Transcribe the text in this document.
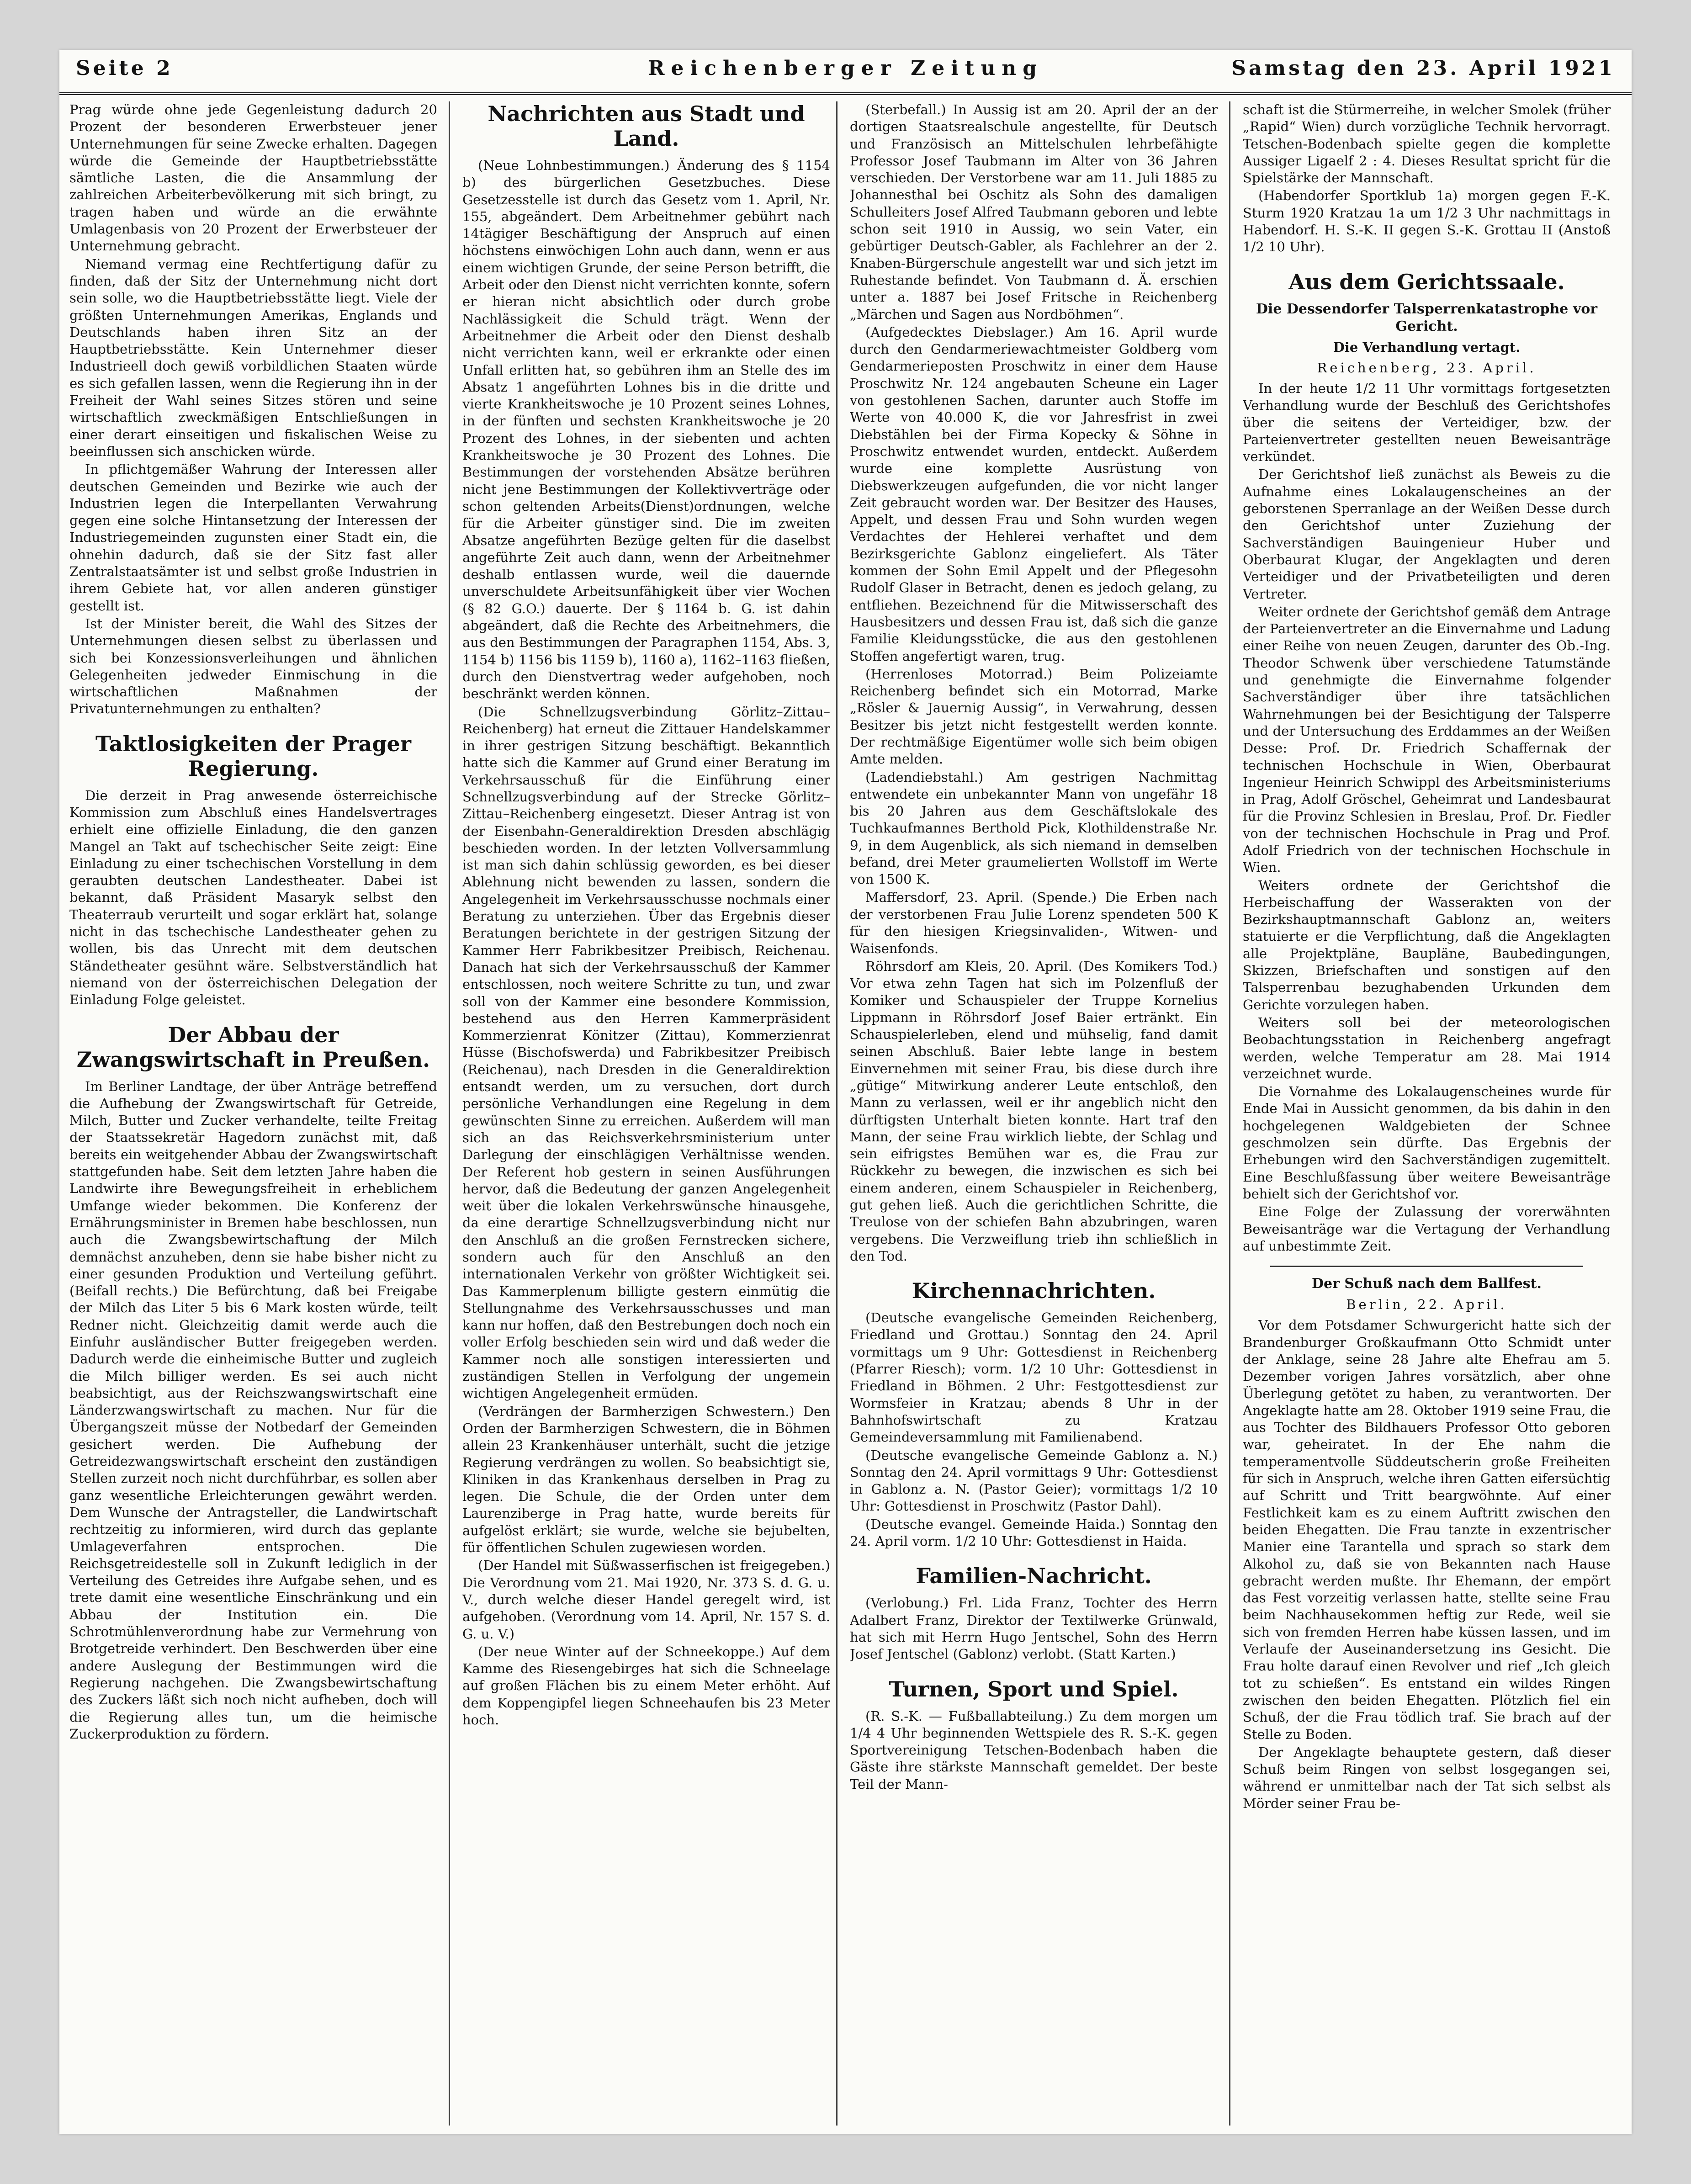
Seite 2	Reichenberger Zeitung	Samstag den 23. April 1921

Prag würde ohne jede Gegenleistung dadurch 20 Prozent der besonderen Erwerbsteuer jener Unternehmungen für seine Zwecke erhalten. Dagegen würde die Gemeinde der Hauptbetriebsstätte sämtliche Lasten, die die Ansammlung der zahlreichen Arbeiterbevölkerung mit sich bringt, zu tragen haben und würde an die erwähnte Umlagenbasis von 20 Prozent der Erwerbsteuer der Unternehmung gebracht.

Niemand vermag eine Rechtfertigung dafür zu finden, daß der Sitz der Unternehmung nicht dort sein solle, wo die Hauptbetriebsstätte liegt. Viele der größten Unternehmungen Amerikas, Englands und Deutschlands haben ihren Sitz an der Hauptbetriebsstätte. Kein Unternehmer dieser Industrieell doch gewiß vorbildlichen Staaten würde es sich gefallen lassen, wenn die Regierung ihn in der Freiheit der Wahl seines Sitzes stören und seine wirtschaftlich zweckmäßigen Entschließungen in einer derart einseitigen und fiskalischen Weise zu beeinflussen sich anschicken würde.

In pflichtgemäßer Wahrung der Interessen aller deutschen Gemeinden und Bezirke wie auch der Industrien legen die Interpellanten Verwahrung gegen eine solche Hintansetzung der Interessen der Industriegemeinden zugunsten einer Stadt ein, die ohnehin dadurch, daß sie der Sitz fast aller Zentralstaatsämter ist und selbst große Industrien in ihrem Gebiete hat, vor allen anderen günstiger gestellt ist.

Ist der Minister bereit, die Wahl des Sitzes der Unternehmungen diesen selbst zu überlassen und sich bei Konzessionsverleihungen und ähnlichen Gelegenheiten jedweder Einmischung in die wirtschaftlichen Maßnahmen der Privatunternehmungen zu enthalten?

Taktlosigkeiten der Prager Regierung.

Die derzeit in Prag anwesende österreichische Kommission zum Abschluß eines Handelsvertrages erhielt eine offizielle Einladung, die den ganzen Mangel an Takt auf tschechischer Seite zeigt: Eine Einladung zu einer tschechischen Vorstellung in dem geraubten deutschen Landestheater. Dabei ist bekannt, daß Präsident Masaryk selbst den Theaterraub verurteilt und sogar erklärt hat, solange nicht in das tschechische Landestheater gehen zu wollen, bis das Unrecht mit dem deutschen Ständetheater gesühnt wäre. Selbstverständlich hat niemand von der österreichischen Delegation der Einladung Folge geleistet.

Der Abbau der Zwangswirtschaft in Preußen.

Im Berliner Landtage, der über Anträge betreffend die Aufhebung der Zwangswirtschaft für Getreide, Milch, Butter und Zucker verhandelte, teilte Freitag der Staatssekretär Hagedorn zunächst mit, daß bereits ein weitgehender Abbau der Zwangswirtschaft stattgefunden habe. Seit dem letzten Jahre haben die Landwirte ihre Bewegungsfreiheit in erheblichem Umfange wieder bekommen. Die Konferenz der Ernährungsminister in Bremen habe beschlossen, nun auch die Zwangsbewirtschaftung der Milch demnächst anzuheben, denn sie habe bisher nicht zu einer gesunden Produktion und Verteilung geführt. (Beifall rechts.) Die Befürchtung, daß bei Freigabe der Milch das Liter 5 bis 6 Mark kosten würde, teilt Redner nicht. Gleichzeitig damit werde auch die Einfuhr ausländischer Butter freigegeben werden. Dadurch werde die einheimische Butter und zugleich die Milch billiger werden. Es sei auch nicht beabsichtigt, aus der Reichszwangswirtschaft eine Länderzwangswirtschaft zu machen. Nur für die Übergangszeit müsse der Notbedarf der Gemeinden gesichert werden. Die Aufhebung der Getreidezwangswirtschaft erscheint den zuständigen Stellen zurzeit noch nicht durchführbar, es sollen aber ganz wesentliche Erleichterungen gewährt werden. Dem Wunsche der Antragsteller, die Landwirtschaft rechtzeitig zu informieren, wird durch das geplante Umlageverfahren entsprochen. Die Reichsgetreidestelle soll in Zukunft lediglich in der Verteilung des Getreides ihre Aufgabe sehen, und es trete damit eine wesentliche Einschränkung und ein Abbau der Institution ein. Die Schrotmühlenverordnung habe zur Vermehrung von Brotgetreide verhindert. Den Beschwerden über eine andere Auslegung der Bestimmungen wird die Regierung nachgehen. Die Zwangsbewirtschaftung des Zuckers läßt sich noch nicht aufheben, doch will die Regierung alles tun, um die heimische Zuckerproduktion zu fördern.

Nachrichten aus Stadt und Land.

(Neue Lohnbestimmungen.) Änderung des § 1154 b) des bürgerlichen Gesetzbuches. Diese Gesetzesstelle ist durch das Gesetz vom 1. April, Nr. 155, abgeändert. Dem Arbeitnehmer gebührt nach 14tägiger Beschäftigung der Anspruch auf einen höchstens einwöchigen Lohn auch dann, wenn er aus einem wichtigen Grunde, der seine Person betrifft, die Arbeit oder den Dienst nicht verrichten konnte, sofern er hieran nicht absichtlich oder durch grobe Nachlässigkeit die Schuld trägt. Wenn der Arbeitnehmer die Arbeit oder den Dienst deshalb nicht verrichten kann, weil er erkrankte oder einen Unfall erlitten hat, so gebühren ihm an Stelle des im Absatz 1 angeführten Lohnes bis in die dritte und vierte Krankheitswoche je 10 Prozent seines Lohnes, in der fünften und sechsten Krankheitswoche je 20 Prozent des Lohnes, in der siebenten und achten Krankheitswoche je 30 Prozent des Lohnes. Die Bestimmungen der vorstehenden Absätze berühren nicht jene Bestimmungen der Kollektivverträge oder schon geltenden Arbeits(Dienst)ordnungen, welche für die Arbeiter günstiger sind. Die im zweiten Absatze angeführten Bezüge gelten für die daselbst angeführte Zeit auch dann, wenn der Arbeitnehmer deshalb entlassen wurde, weil die dauernde unverschuldete Arbeitsunfähigkeit über vier Wochen (§ 82 G.O.) dauerte. Der § 1164 b. G. ist dahin abgeändert, daß die Rechte des Arbeitnehmers, die aus den Bestimmungen der Paragraphen 1154, Abs. 3, 1154 b) 1156 bis 1159 b), 1160 a), 1162–1163 fließen, durch den Dienstvertrag weder aufgehoben, noch beschränkt werden können.

(Die Schnellzugsverbindung Görlitz–Zittau–Reichenberg) hat erneut die Zittauer Handelskammer in ihrer gestrigen Sitzung beschäftigt. Bekanntlich hatte sich die Kammer auf Grund einer Beratung im Verkehrsausschuß für die Einführung einer Schnellzugsverbindung auf der Strecke Görlitz–Zittau–Reichenberg eingesetzt. Dieser Antrag ist von der Eisenbahn-Generaldirektion Dresden abschlägig beschieden worden. In der letzten Vollversammlung ist man sich dahin schlüssig geworden, es bei dieser Ablehnung nicht bewenden zu lassen, sondern die Angelegenheit im Verkehrsausschusse nochmals einer Beratung zu unterziehen. Über das Ergebnis dieser Beratungen berichtete in der gestrigen Sitzung der Kammer Herr Fabrikbesitzer Preibisch, Reichenau. Danach hat sich der Verkehrsausschuß der Kammer entschlossen, noch weitere Schritte zu tun, und zwar soll von der Kammer eine besondere Kommission, bestehend aus den Herren Kammerpräsident Kommerzienrat Könitzer (Zittau), Kommerzienrat Hüsse (Bischofswerda) und Fabrikbesitzer Preibisch (Reichenau), nach Dresden in die Generaldirektion entsandt werden, um zu versuchen, dort durch persönliche Verhandlungen eine Regelung in dem gewünschten Sinne zu erreichen. Außerdem will man sich an das Reichsverkehrsministerium unter Darlegung der einschlägigen Verhältnisse wenden. Der Referent hob gestern in seinen Ausführungen hervor, daß die Bedeutung der ganzen Angelegenheit weit über die lokalen Verkehrswünsche hinausgehe, da eine derartige Schnellzugsverbindung nicht nur den Anschluß an die großen Fernstrecken sichere, sondern auch für den Anschluß an den internationalen Verkehr von größter Wichtigkeit sei. Das Kammerplenum billigte gestern einmütig die Stellungnahme des Verkehrsausschusses und man kann nur hoffen, daß den Bestrebungen doch noch ein voller Erfolg beschieden sein wird und daß weder die Kammer noch alle sonstigen interessierten und zuständigen Stellen in Verfolgung der ungemein wichtigen Angelegenheit ermüden.

(Verdrängen der Barmherzigen Schwestern.) Den Orden der Barmherzigen Schwestern, die in Böhmen allein 23 Krankenhäuser unterhält, sucht die jetzige Regierung verdrängen zu wollen. So beabsichtigt sie, Kliniken in das Krankenhaus derselben in Prag zu legen. Die Schule, die der Orden unter dem Laurenziberge in Prag hatte, wurde bereits für aufgelöst erklärt; sie wurde, welche sie bejubelten, für öffentlichen Schulen zugewiesen worden.

(Der Handel mit Süßwasserfischen ist freigegeben.) Die Verordnung vom 21. Mai 1920, Nr. 373 S. d. G. u. V., durch welche dieser Handel geregelt wird, ist aufgehoben. (Verordnung vom 14. April, Nr. 157 S. d. G. u. V.)

(Der neue Winter auf der Schneekoppe.) Auf dem Kamme des Riesengebirges hat sich die Schneelage auf großen Flächen bis zu einem Meter erhöht. Auf dem Koppengipfel liegen Schneehaufen bis 23 Meter hoch.

(Sterbefall.) In Aussig ist am 20. April der an der dortigen Staatsrealschule angestellte, für Deutsch und Französisch an Mittelschulen lehrbefähigte Professor Josef Taubmann im Alter von 36 Jahren verschieden. Der Verstorbene war am 11. Juli 1885 zu Johannesthal bei Oschitz als Sohn des damaligen Schulleiters Josef Alfred Taubmann geboren und lebte schon seit 1910 in Aussig, wo sein Vater, ein gebürtiger Deutsch-Gabler, als Fachlehrer an der 2. Knaben-Bürgerschule angestellt war und sich jetzt im Ruhestande befindet. Von Taubmann d. Ä. erschien unter a. 1887 bei Josef Fritsche in Reichenberg „Märchen und Sagen aus Nordböhmen“.

(Aufgedecktes Diebslager.) Am 16. April wurde durch den Gendarmeriewachtmeister Goldberg vom Gendarmerieposten Proschwitz in einer dem Hause Proschwitz Nr. 124 angebauten Scheune ein Lager von gestohlenen Sachen, darunter auch Stoffe im Werte von 40.000 K, die vor Jahresfrist in zwei Diebstählen bei der Firma Kopecky & Söhne in Proschwitz entwendet wurden, entdeckt. Außerdem wurde eine komplette Ausrüstung von Diebswerkzeugen aufgefunden, die vor nicht langer Zeit gebraucht worden war. Der Besitzer des Hauses, Appelt, und dessen Frau und Sohn wurden wegen Verdachtes der Hehlerei verhaftet und dem Bezirksgerichte Gablonz eingeliefert. Als Täter kommen der Sohn Emil Appelt und der Pflegesohn Rudolf Glaser in Betracht, denen es jedoch gelang, zu entfliehen. Bezeichnend für die Mitwisserschaft des Hausbesitzers und dessen Frau ist, daß sich die ganze Familie Kleidungsstücke, die aus den gestohlenen Stoffen angefertigt waren, trug.

(Herrenloses Motorrad.) Beim Polizeiamte Reichenberg befindet sich ein Motorrad, Marke „Rösler & Jauernig Aussig“, in Verwahrung, dessen Besitzer bis jetzt nicht festgestellt werden konnte. Der rechtmäßige Eigentümer wolle sich beim obigen Amte melden.

(Ladendiebstahl.) Am gestrigen Nachmittag entwendete ein unbekannter Mann von ungefähr 18 bis 20 Jahren aus dem Geschäftslokale des Tuchkaufmannes Berthold Pick, Klothildenstraße Nr. 9, in dem Augenblick, als sich niemand in demselben befand, drei Meter graumelierten Wollstoff im Werte von 1500 K.

Maffersdorf, 23. April. (Spende.) Die Erben nach der verstorbenen Frau Julie Lorenz spendeten 500 K für den hiesigen Kriegsinvaliden-, Witwen- und Waisenfonds.

Röhrsdorf am Kleis, 20. April. (Des Komikers Tod.) Vor etwa zehn Tagen hat sich im Polzenfluß der Komiker und Schauspieler der Truppe Kornelius Lippmann in Röhrsdorf Josef Baier ertränkt. Ein Schauspielerleben, elend und mühselig, fand damit seinen Abschluß. Baier lebte lange in bestem Einvernehmen mit seiner Frau, bis diese durch ihre „gütige“ Mitwirkung anderer Leute entschloß, den Mann zu verlassen, weil er ihr angeblich nicht den dürftigsten Unterhalt bieten konnte. Hart traf den Mann, der seine Frau wirklich liebte, der Schlag und sein eifrigstes Bemühen war es, die Frau zur Rückkehr zu bewegen, die inzwischen es sich bei einem anderen, einem Schauspieler in Reichenberg, gut gehen ließ. Auch die gerichtlichen Schritte, die Treulose von der schiefen Bahn abzubringen, waren vergebens. Die Verzweiflung trieb ihn schließlich in den Tod.

Kirchennachrichten.

(Deutsche evangelische Gemeinden Reichenberg, Friedland und Grottau.) Sonntag den 24. April vormittags um 9 Uhr: Gottesdienst in Reichenberg (Pfarrer Riesch); vorm. 1/2 10 Uhr: Gottesdienst in Friedland in Böhmen. 2 Uhr: Festgottesdienst zur Wormsfeier in Kratzau; abends 8 Uhr in der Bahnhofswirtschaft zu Kratzau Gemeindeversammlung mit Familienabend.

(Deutsche evangelische Gemeinde Gablonz a. N.) Sonntag den 24. April vormittags 9 Uhr: Gottesdienst in Gablonz a. N. (Pastor Geier); vormittags 1/2 10 Uhr: Gottesdienst in Proschwitz (Pastor Dahl).

(Deutsche evangel. Gemeinde Haida.) Sonntag den 24. April vorm. 1/2 10 Uhr: Gottesdienst in Haida.

Familien-Nachricht.

(Verlobung.) Frl. Lida Franz, Tochter des Herrn Adalbert Franz, Direktor der Textilwerke Grünwald, hat sich mit Herrn Hugo Jentschel, Sohn des Herrn Josef Jentschel (Gablonz) verlobt. (Statt Karten.)

Turnen, Sport und Spiel.

(R. S.-K. — Fußballabteilung.) Zu dem morgen um 1/4 4 Uhr beginnenden Wettspiele des R. S.-K. gegen Sportvereinigung Tetschen-Bodenbach haben die Gäste ihre stärkste Mannschaft gemeldet. Der beste Teil der Mann-

schaft ist die Stürmerreihe, in welcher Smolek (früher „Rapid“ Wien) durch vorzügliche Technik hervorragt. Tetschen-Bodenbach spielte gegen die komplette Aussiger Ligaelf 2 : 4. Dieses Resultat spricht für die Spielstärke der Mannschaft.

(Habendorfer Sportklub 1a) morgen gegen F.-K. Sturm 1920 Kratzau 1a um 1/2 3 Uhr nachmittags in Habendorf. H. S.-K. II gegen S.-K. Grottau II (Anstoß 1/2 10 Uhr).

Aus dem Gerichtssaale.
Die Dessendorfer Talsperrenkatastrophe vor Gericht.

Die Verhandlung vertagt.

Reichenberg, 23. April.

In der heute 1/2 11 Uhr vormittags fortgesetzten Verhandlung wurde der Beschluß des Gerichtshofes über die seitens der Verteidiger, bzw. der Parteienvertreter gestellten neuen Beweisanträge verkündet.

Der Gerichtshof ließ zunächst als Beweis zu die Aufnahme eines Lokalaugenscheines an der geborstenen Sperranlage an der Weißen Desse durch den Gerichtshof unter Zuziehung der Sachverständigen Bauingenieur Huber und Oberbaurat Klugar, der Angeklagten und deren Verteidiger und der Privatbeteiligten und deren Vertreter.

Weiter ordnete der Gerichtshof gemäß dem Antrage der Parteienvertreter an die Einvernahme und Ladung einer Reihe von neuen Zeugen, darunter des Ob.-Ing. Theodor Schwenk über verschiedene Tatumstände und genehmigte die Einvernahme folgender Sachverständiger über ihre tatsächlichen Wahrnehmungen bei der Besichtigung der Talsperre und der Untersuchung des Erddammes an der Weißen Desse: Prof. Dr. Friedrich Schaffernak der technischen Hochschule in Wien, Oberbaurat Ingenieur Heinrich Schwippl des Arbeitsministeriums in Prag, Adolf Gröschel, Geheimrat und Landesbaurat für die Provinz Schlesien in Breslau, Prof. Dr. Fiedler von der technischen Hochschule in Prag und Prof. Adolf Friedrich von der technischen Hochschule in Wien.

Weiters ordnete der Gerichtshof die Herbeischaffung der Wasserakten von der Bezirkshauptmannschaft Gablonz an, weiters statuierte er die Verpflichtung, daß die Angeklagten alle Projektpläne, Baupläne, Baubedingungen, Skizzen, Briefschaften und sonstigen auf den Talsperrenbau bezughabenden Urkunden dem Gerichte vorzulegen haben.

Weiters soll bei der meteorologischen Beobachtungsstation in Reichenberg angefragt werden, welche Temperatur am 28. Mai 1914 verzeichnet wurde.

Die Vornahme des Lokalaugenscheines wurde für Ende Mai in Aussicht genommen, da bis dahin in den hochgelegenen Waldgebieten der Schnee geschmolzen sein dürfte. Das Ergebnis der Erhebungen wird den Sachverständigen zugemittelt. Eine Beschlußfassung über weitere Beweisanträge behielt sich der Gerichtshof vor.

Eine Folge der Zulassung der vorerwähnten Beweisanträge war die Vertagung der Verhandlung auf unbestimmte Zeit.

Der Schuß nach dem Ballfest.

Berlin, 22. April.

Vor dem Potsdamer Schwurgericht hatte sich der Brandenburger Großkaufmann Otto Schmidt unter der Anklage, seine 28 Jahre alte Ehefrau am 5. Dezember vorigen Jahres vorsätzlich, aber ohne Überlegung getötet zu haben, zu verantworten. Der Angeklagte hatte am 28. Oktober 1919 seine Frau, die aus Tochter des Bildhauers Professor Otto geboren war, geheiratet. In der Ehe nahm die temperamentvolle Süddeutscherin große Freiheiten für sich in Anspruch, welche ihren Gatten eifersüchtig auf Schritt und Tritt beargwöhnte. Auf einer Festlichkeit kam es zu einem Auftritt zwischen den beiden Ehegatten. Die Frau tanzte in exzentrischer Manier eine Tarantella und sprach so stark dem Alkohol zu, daß sie von Bekannten nach Hause gebracht werden mußte. Ihr Ehemann, der empört das Fest vorzeitig verlassen hatte, stellte seine Frau beim Nachhausekommen heftig zur Rede, weil sie sich von fremden Herren habe küssen lassen, und im Verlaufe der Auseinandersetzung ins Gesicht. Die Frau holte darauf einen Revolver und rief „Ich gleich tot zu schießen“. Es entstand ein wildes Ringen zwischen den beiden Ehegatten. Plötzlich fiel ein Schuß, der die Frau tödlich traf. Sie brach auf der Stelle zu Boden.

Der Angeklagte behauptete gestern, daß dieser Schuß beim Ringen von selbst losgegangen sei, während er unmittelbar nach der Tat sich selbst als Mörder seiner Frau be-
